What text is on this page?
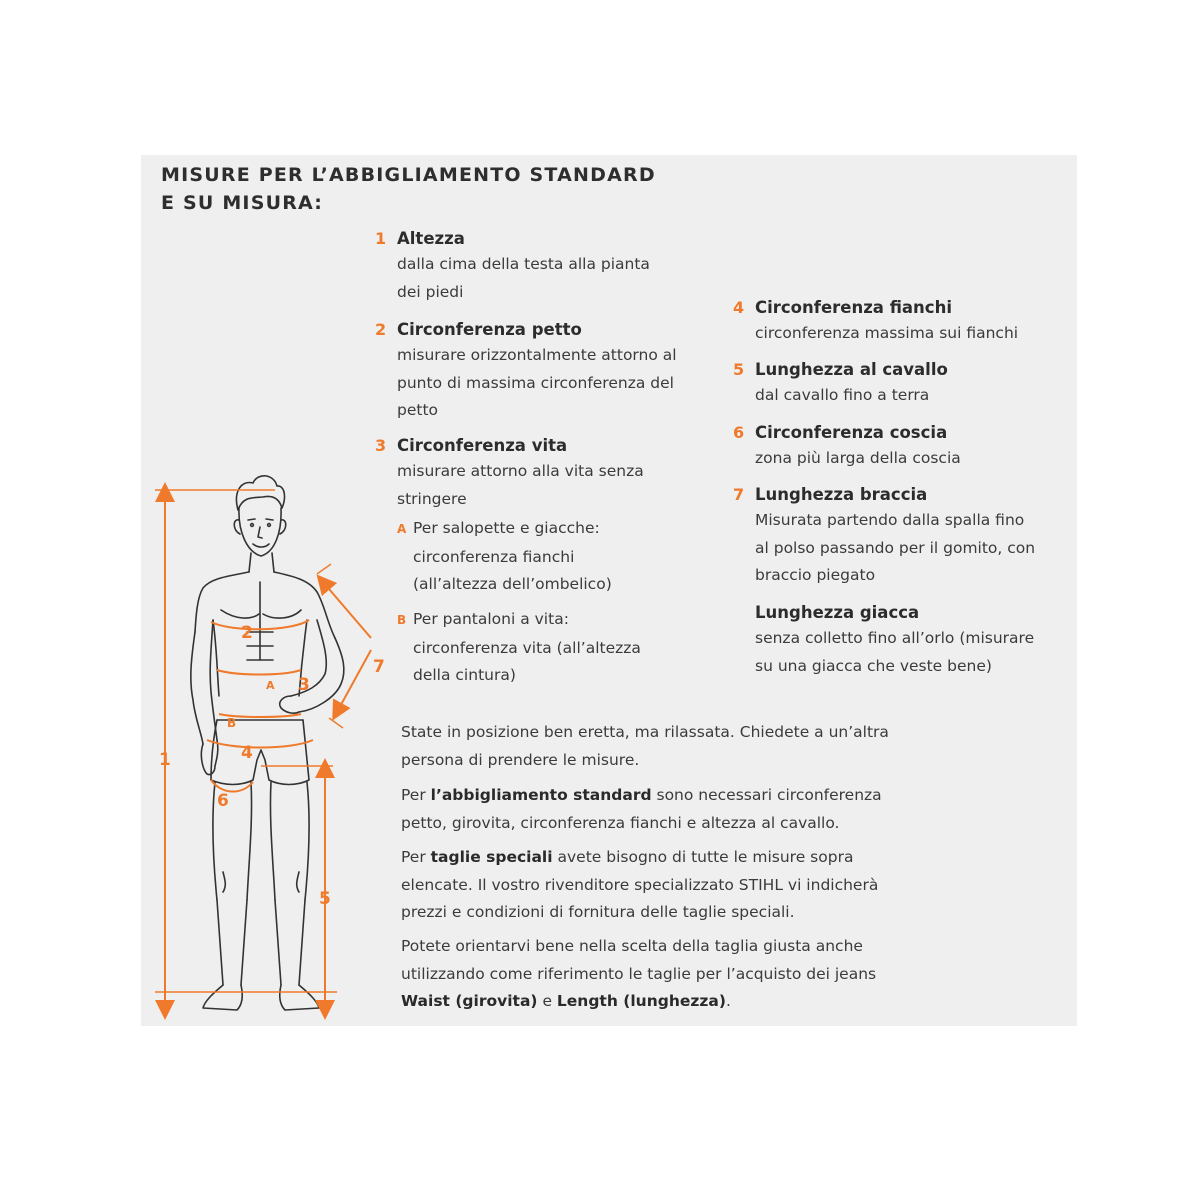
MISURE PER L’ABBIGLIAMENTO STANDARD
E SU MISURA:
1
2
3
4
5
6
7
A
B
1 Altezza
dalla cima della testa alla pianta
dei piedi
2 Circonferenza petto
misurare orizzontalmente attorno al
punto di massima circonferenza del
petto
3 Circonferenza vita
misurare attorno alla vita senza
stringere
A Per salopette e giacche:
circonferenza fianchi
(all’altezza dell’ombelico)
B Per pantaloni a vita:
circonferenza vita (all’altezza
della cintura)
4 Circonferenza fianchi
circonferenza massima sui fianchi
5 Lunghezza al cavallo
dal cavallo fino a terra
6 Circonferenza coscia
zona più larga della coscia
7 Lunghezza braccia
Misurata partendo dalla spalla fino
al polso passando per il gomito, con
braccio piegato
Lunghezza giacca
senza colletto fino all’orlo (misurare
su una giacca che veste bene)
State in posizione ben eretta, ma rilassata. Chiedete a un’altra
persona di prendere le misure.
Per l’abbigliamento standard sono necessari circonferenza
petto, girovita, circonferenza fianchi e altezza al cavallo.
Per taglie speciali avete bisogno di tutte le misure sopra
elencate. Il vostro rivenditore specializzato STIHL vi indicherà
prezzi e condizioni di fornitura delle taglie speciali.
Potete orientarvi bene nella scelta della taglia giusta anche
utilizzando come riferimento le taglie per l’acquisto dei jeans
Waist (girovita) e Length (lunghezza).
